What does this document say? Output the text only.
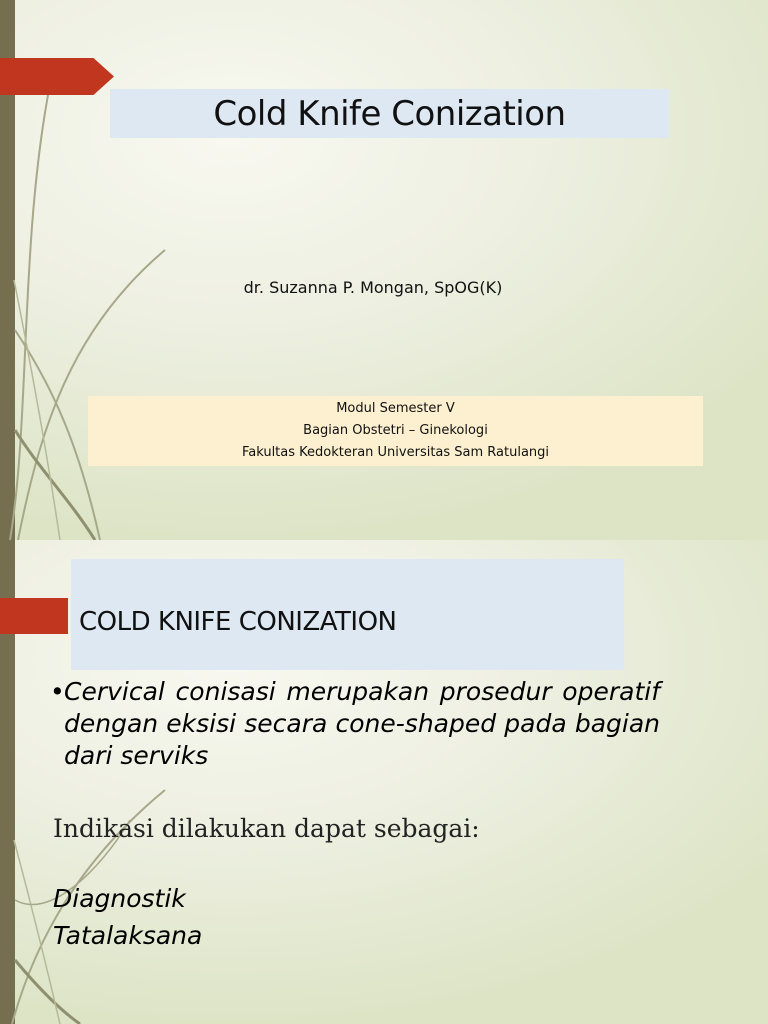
Cold Knife Conization
dr. Suzanna P. Mongan, SpOG(K)
Modul Semester V
Bagian Obstetri – Ginekologi
Fakultas Kedokteran Universitas Sam Ratulangi
COLD KNIFE CONIZATION
• Cervical conisasi merupakan prosedur operatif dengan eksisi secara cone-shaped pada bagian dari serviks
Indikasi dilakukan dapat sebagai:
Diagnostik
Tatalaksana
